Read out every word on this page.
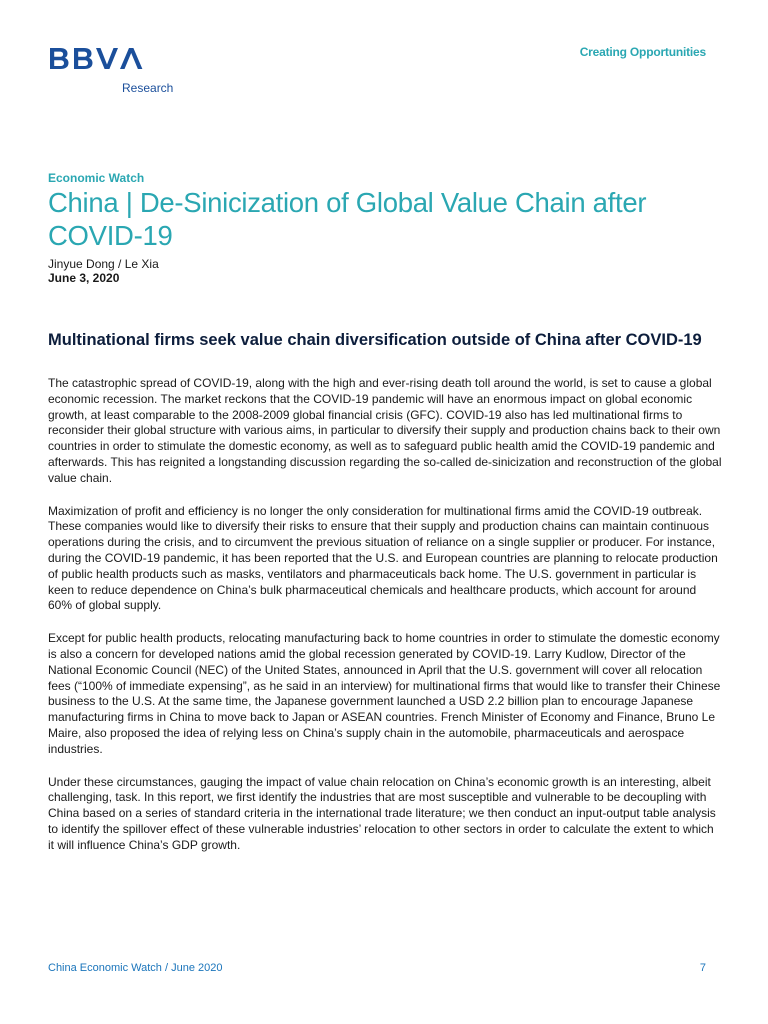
Research
Creating Opportunities
Economic Watch
China | De-Sinicization of Global Value Chain after COVID-19
Jinyue Dong / Le Xia
June 3, 2020
Multinational firms seek value chain diversification outside of China after COVID-19

The catastrophic spread of COVID-19, along with the high and ever-rising death toll around the world, is set to cause a global economic recession. The market reckons that the COVID-19 pandemic will have an enormous impact on global economic growth, at least comparable to the 2008-2009 global financial crisis (GFC). COVID-19 also has led multinational firms to reconsider their global structure with various aims, in particular to diversify their supply and production chains back to their own countries in order to stimulate the domestic economy, as well as to safeguard public health amid the COVID-19 pandemic and afterwards. This has reignited a longstanding discussion regarding the so-called de-sinicization and reconstruction of the global value chain.

Maximization of profit and efficiency is no longer the only consideration for multinational firms amid the COVID-19 outbreak. These companies would like to diversify their risks to ensure that their supply and production chains can maintain continuous operations during the crisis, and to circumvent the previous situation of reliance on a single supplier or producer. For instance, during the COVID-19 pandemic, it has been reported that the U.S. and European countries are planning to relocate production of public health products such as masks, ventilators and pharmaceuticals back home. The U.S. government in particular is keen to reduce dependence on China’s bulk pharmaceutical chemicals and healthcare products, which account for around 60% of global supply.

Except for public health products, relocating manufacturing back to home countries in order to stimulate the domestic economy is also a concern for developed nations amid the global recession generated by COVID-19. Larry Kudlow, Director of the National Economic Council (NEC) of the United States, announced in April that the U.S. government will cover all relocation fees (“100% of immediate expensing”, as he said in an interview) for multinational firms that would like to transfer their Chinese business to the U.S. At the same time, the Japanese government launched a USD 2.2 billion plan to encourage Japanese manufacturing firms in China to move back to Japan or ASEAN countries. French Minister of Economy and Finance, Bruno Le Maire, also proposed the idea of relying less on China’s supply chain in the automobile, pharmaceuticals and aerospace industries.

Under these circumstances, gauging the impact of value chain relocation on China’s economic growth is an interesting, albeit challenging, task. In this report, we first identify the industries that are most susceptible and vulnerable to be decoupling with China based on a series of standard criteria in the international trade literature; we then conduct an input-output table analysis to identify the spillover effect of these vulnerable industries’ relocation to other sectors in order to calculate the extent to which it will influence China’s GDP growth.

China Economic Watch / June 2020	7
